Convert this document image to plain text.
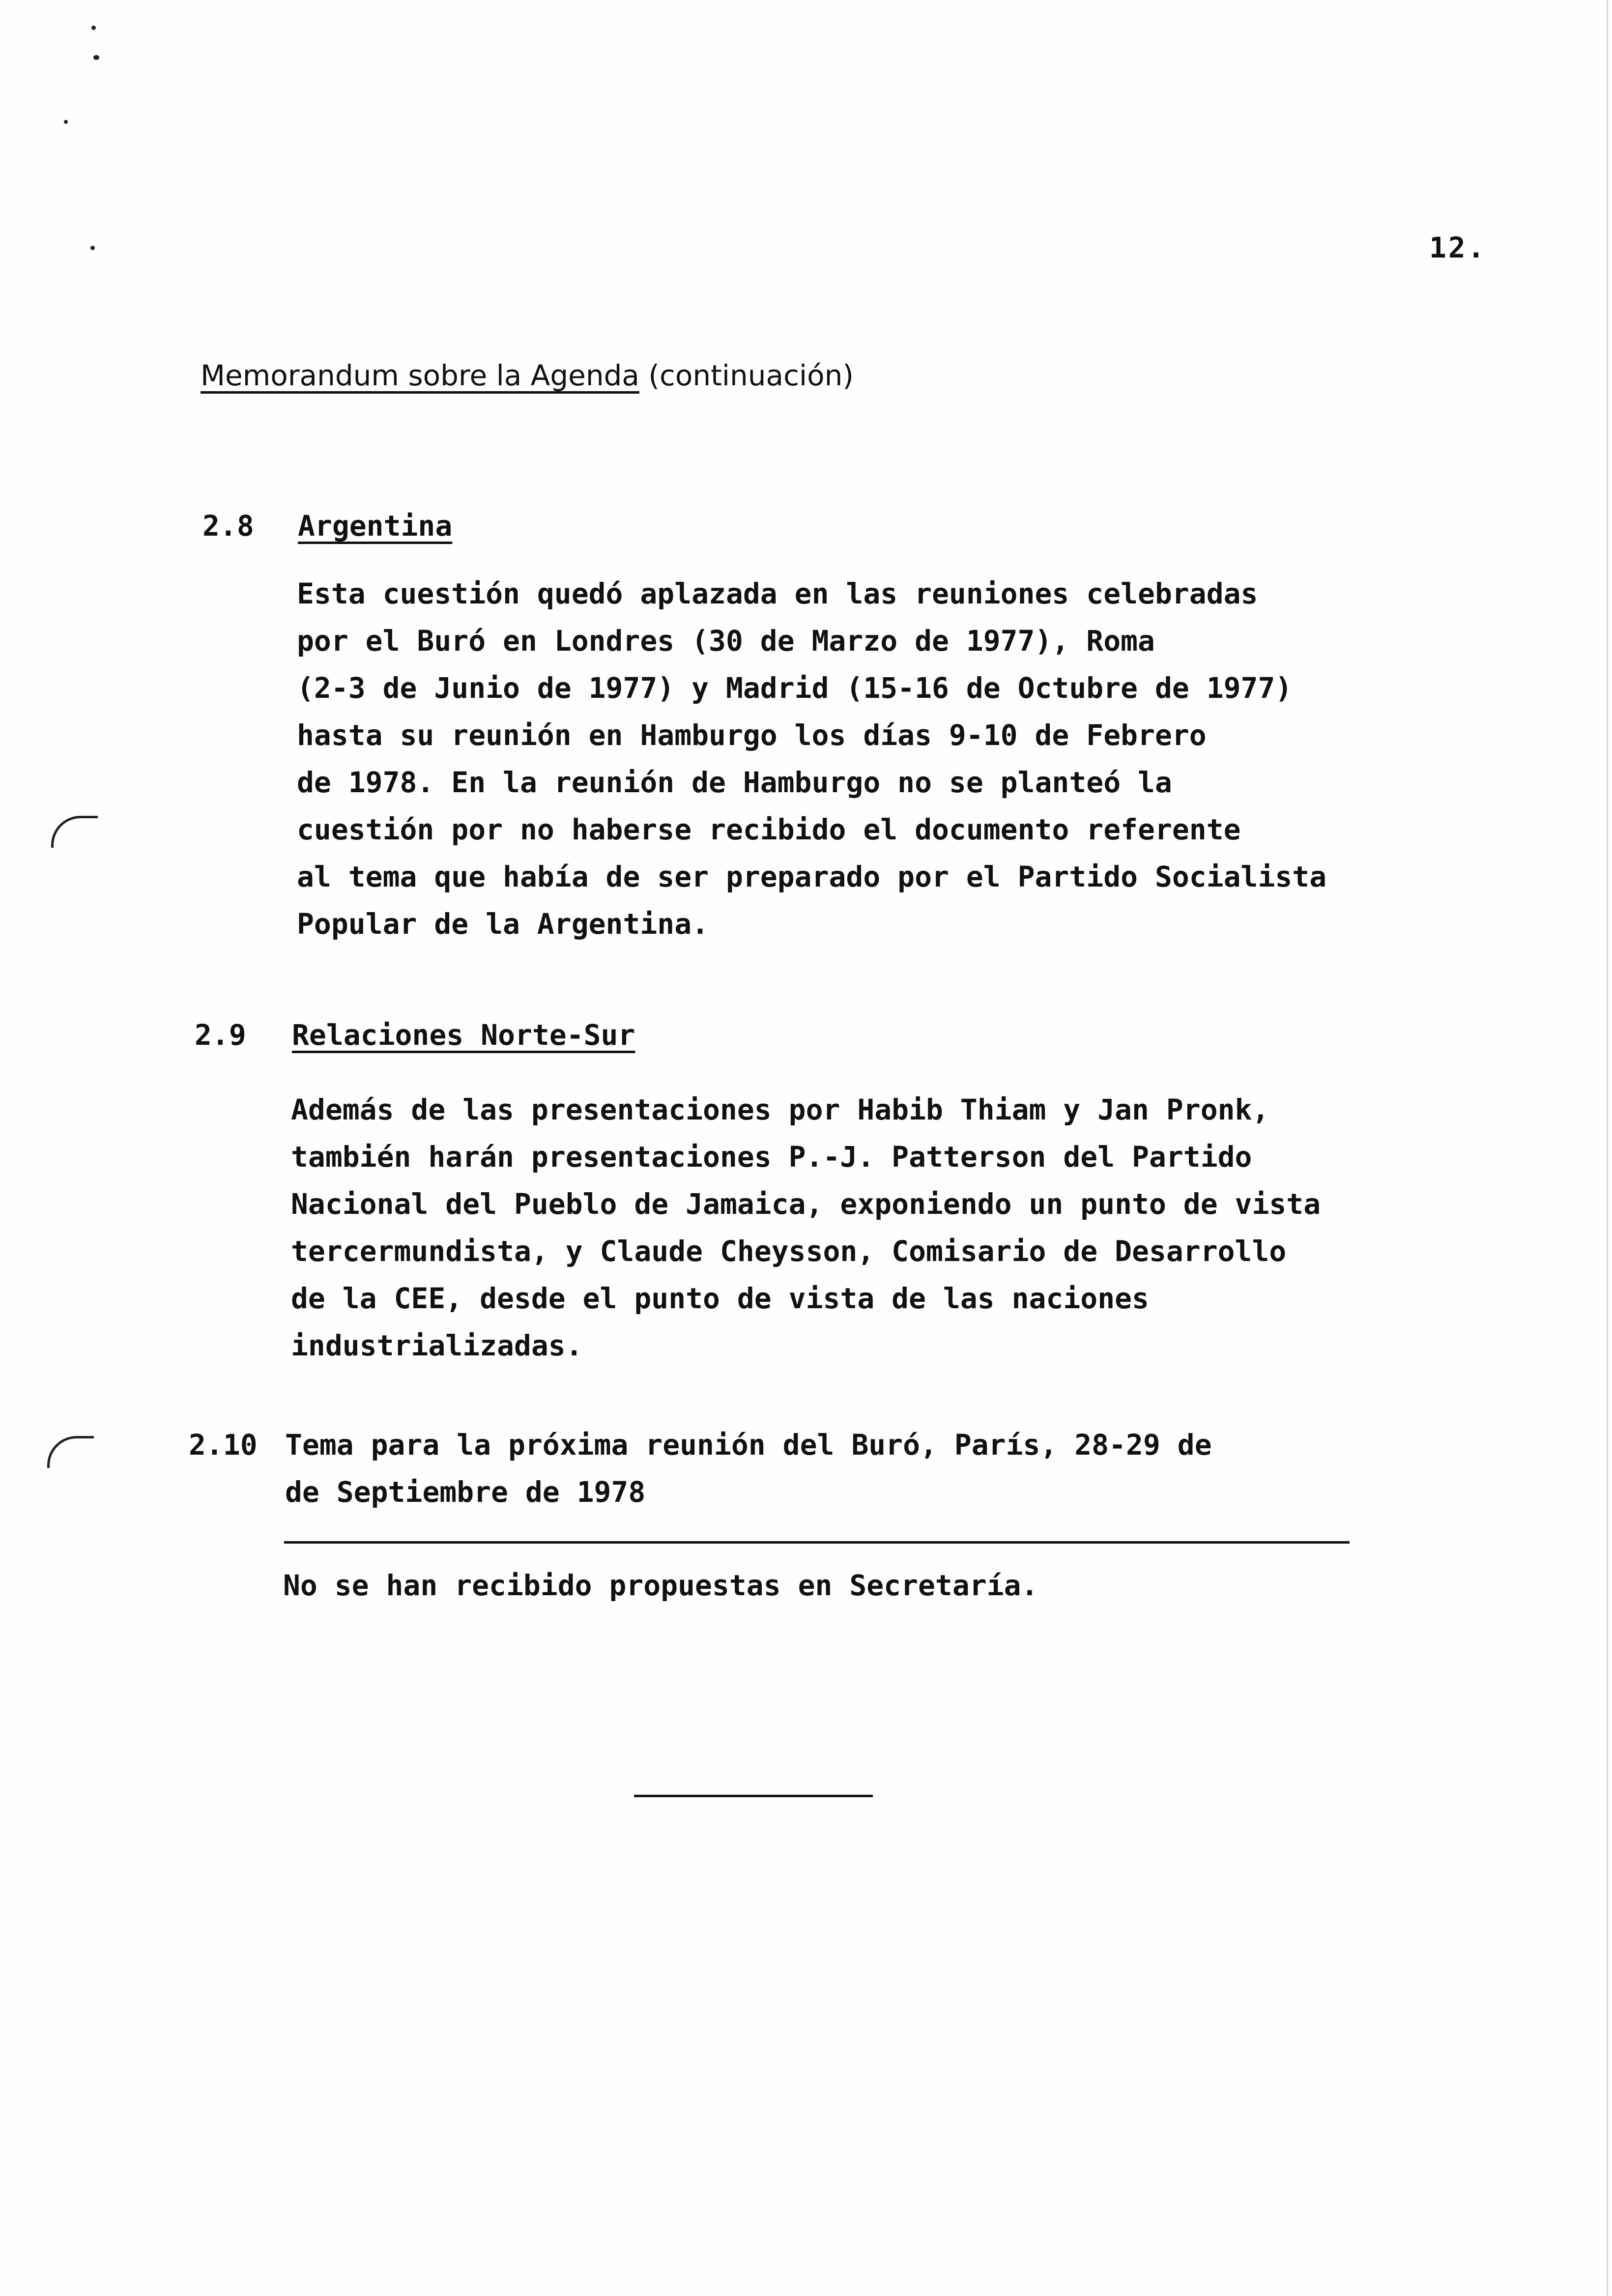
12.
Memorandum sobre la Agenda (continuación)
2.8 Argentina
Esta cuestión quedó aplazada en las reuniones celebradas
por el Buró en Londres (30 de Marzo de 1977), Roma
(2-3 de Junio de 1977) y Madrid (15-16 de Octubre de 1977)
hasta su reunión en Hamburgo los días 9-10 de Febrero
de 1978. En la reunión de Hamburgo no se planteó la
cuestión por no haberse recibido el documento referente
al tema que había de ser preparado por el Partido Socialista
Popular de la Argentina.
2.9 Relaciones Norte-Sur
Además de las presentaciones por Habib Thiam y Jan Pronk,
también harán presentaciones P.-J. Patterson del Partido
Nacional del Pueblo de Jamaica, exponiendo un punto de vista
tercermundista, y Claude Cheysson, Comisario de Desarrollo
de la CEE, desde el punto de vista de las naciones
industrializadas.
2.10 Tema para la próxima reunión del Buró, París, 28-29 de
de Septiembre de 1978
No se han recibido propuestas en Secretaría.
